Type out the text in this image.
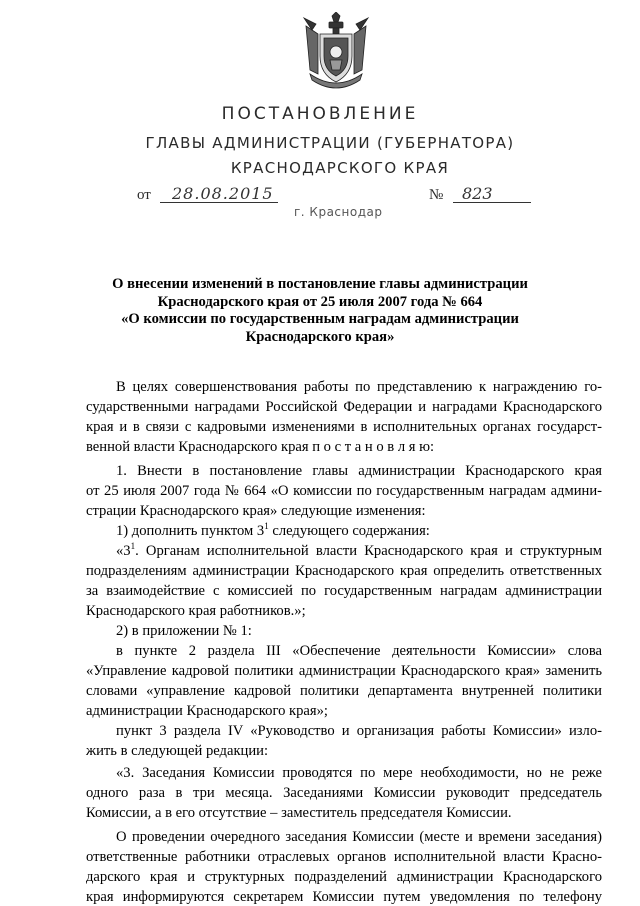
ПОСТАНОВЛЕНИЕ
ГЛАВЫ АДМИНИСТРАЦИИ (ГУБЕРНАТОРА)
КРАСНОДАРСКОГО КРАЯ
от 28.08.2015	№ 823
г. Краснодар
О внесении изменений в постановление главы администрации
Краснодарского края от 25 июля 2007 года № 664
«О комиссии по государственным наградам администрации
Краснодарского края»
В целях совершенствования работы по представлению к награждению го-
сударственными наградами Российской Федерации и наградами Краснодарского
края и в связи с кадровыми изменениями в исполнительных органах государст-
венной власти Краснодарского края п о с т а н о в л я ю:
1. Внести в постановление главы администрации Краснодарского края
от 25 июля 2007 года № 664 «О комиссии по государственным наградам админи-
страции Краснодарского края» следующие изменения:
1) дополнить пунктом $3^1$ следующего содержания:
«$3^1$. Органам исполнительной власти Краснодарского края и структурным
подразделениям администрации Краснодарского края определить ответственных
за взаимодействие с комиссией по государственным наградам администрации
Краснодарского края работников.»;
2) в приложении № 1:
в пункте 2 раздела III «Обеспечение деятельности Комиссии» слова
«Управление кадровой политики администрации Краснодарского края» заменить
словами «управление кадровой политики департамента внутренней политики
администрации Краснодарского края»;
пункт 3 раздела IV «Руководство и организация работы Комиссии» излo-
жить в следующей редакции:
«3. Заседания Комиссии проводятся по мере необходимости, но не реже
одного раза в три месяца. Заседаниями Комиссии руководит председатель
Комиссии, а в его отсутствие – заместитель председателя Комиссии.
О проведении очередного заседания Комиссии (месте и времени заседания)
ответственные работники отраслевых органов исполнительной власти Красно-
дарского края и структурных подразделений администрации Краснодарского
края информируются секретарем Комиссии путем уведомления по телефону
